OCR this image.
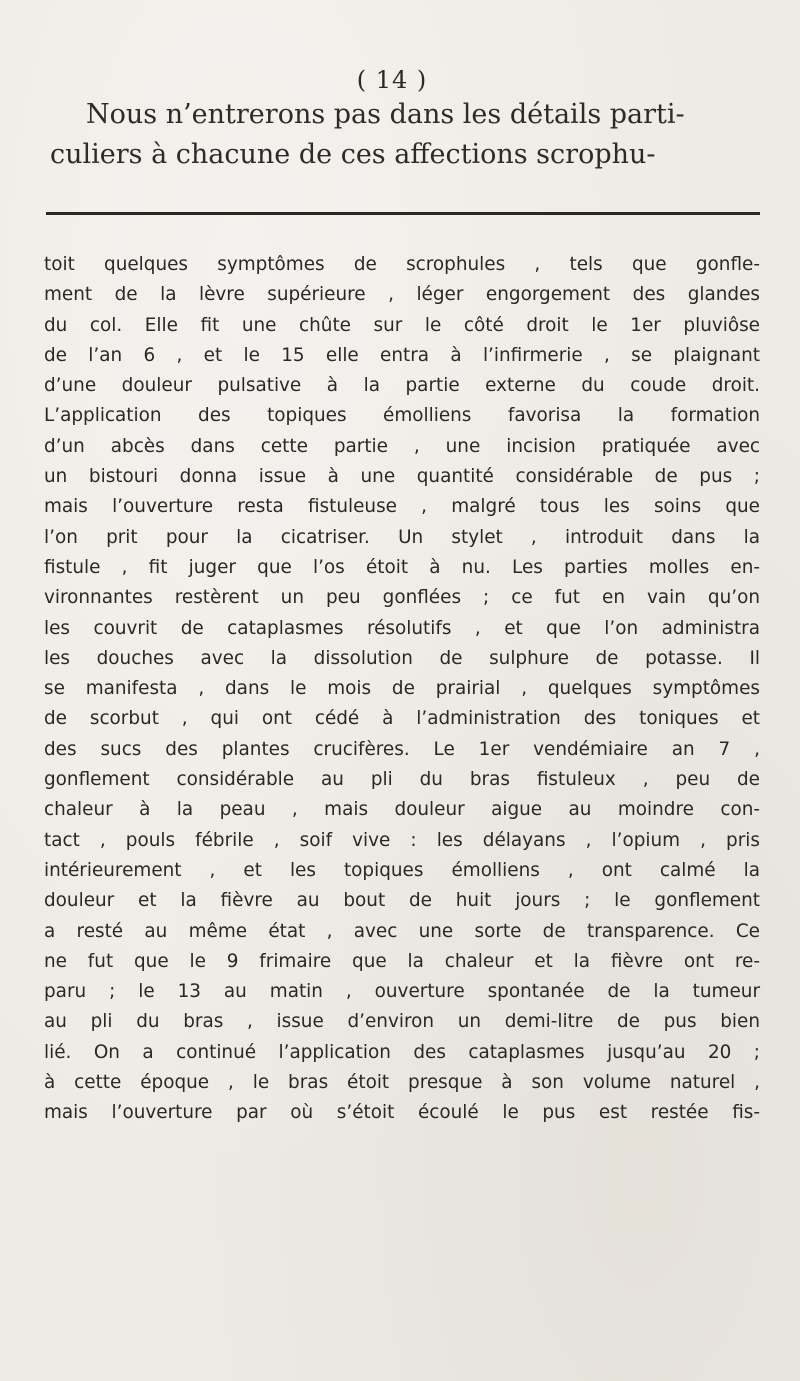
( 14 )
Nous n’entrerons pas dans les détails parti-
culiers à chacune de ces affections scrophu-
toit quelques symptômes de scrophules , tels que gonfle-
ment de la lèvre supérieure , léger engorgement des glandes
du col. Elle fit une chûte sur le côté droit le 1er pluviôse
de l’an 6 , et le 15 elle entra à l’infirmerie , se plaignant
d’une douleur pulsative à la partie externe du coude droit.
L’application des topiques émolliens favorisa la formation
d’un abcès dans cette partie , une incision pratiquée avec
un bistouri donna issue à une quantité considérable de pus ;
mais l’ouverture resta fistuleuse , malgré tous les soins que
l’on prit pour la cicatriser. Un stylet , introduit dans la
fistule , fit juger que l’os étoit à nu. Les parties molles en-
vironnantes restèrent un peu gonflées ; ce fut en vain qu’on
les couvrit de cataplasmes résolutifs , et que l’on administra
les douches avec la dissolution de sulphure de potasse. Il
se manifesta , dans le mois de prairial , quelques symptômes
de scorbut , qui ont cédé à l’administration des toniques et
des sucs des plantes crucifères. Le 1er vendémiaire an 7 ,
gonflement considérable au pli du bras fistuleux , peu de
chaleur à la peau , mais douleur aigue au moindre con-
tact , pouls fébrile , soif vive : les délayans , l’opium , pris
intérieurement , et les topiques émolliens , ont calmé la
douleur et la fièvre au bout de huit jours ; le gonflement
a resté au même état , avec une sorte de transparence. Ce
ne fut que le 9 frimaire que la chaleur et la fièvre ont re-
paru ; le 13 au matin , ouverture spontanée de la tumeur
au pli du bras , issue d’environ un demi-litre de pus bien
lié. On a continué l’application des cataplasmes jusqu’au 20 ;
à cette époque , le bras étoit presque à son volume naturel ,
mais l’ouverture par où s’étoit écoulé le pus est restée fis-
